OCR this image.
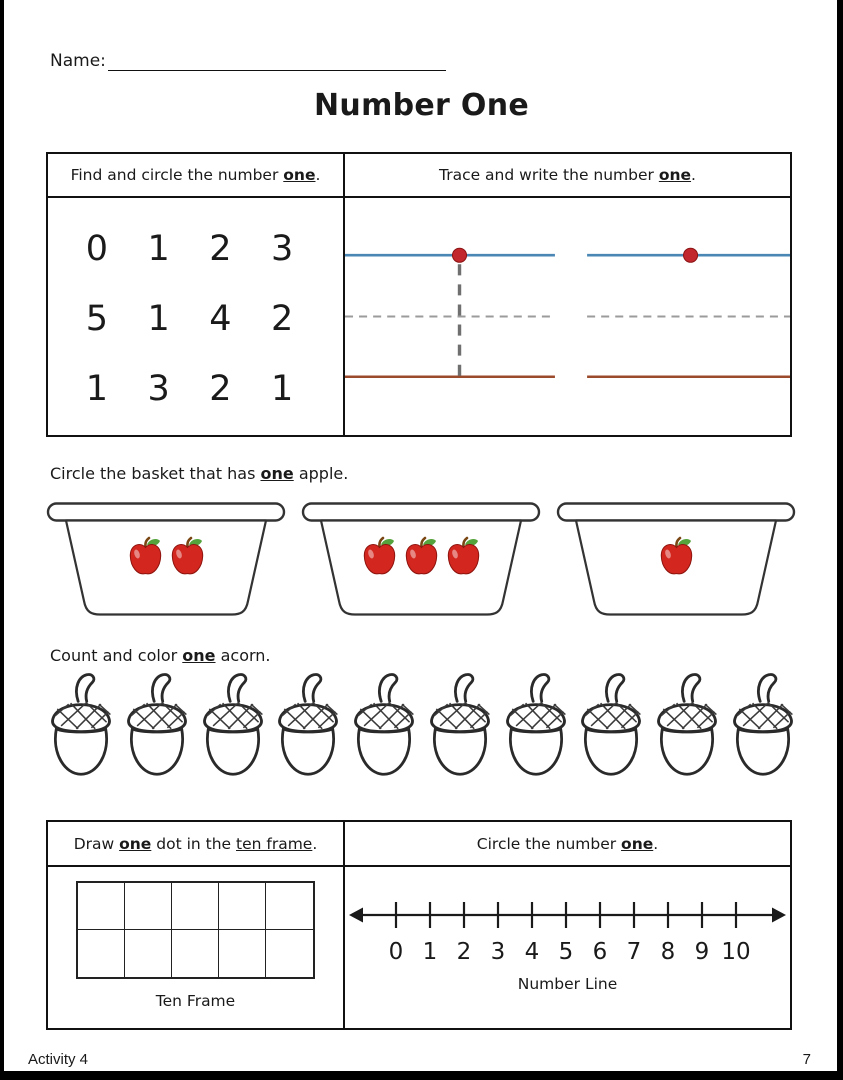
Name:
Number One
Find and circle the number one.	Trace and write the number one.
0 1 2 3
5 1 4 2
1 3 2 1
Circle the basket that has one apple.
Count and color one acorn.
Draw one dot in the ten frame.	Circle the number one.
Ten Frame
0 1 2 3 4 5 6 7 8 9 10
Number Line
Activity 4	7
